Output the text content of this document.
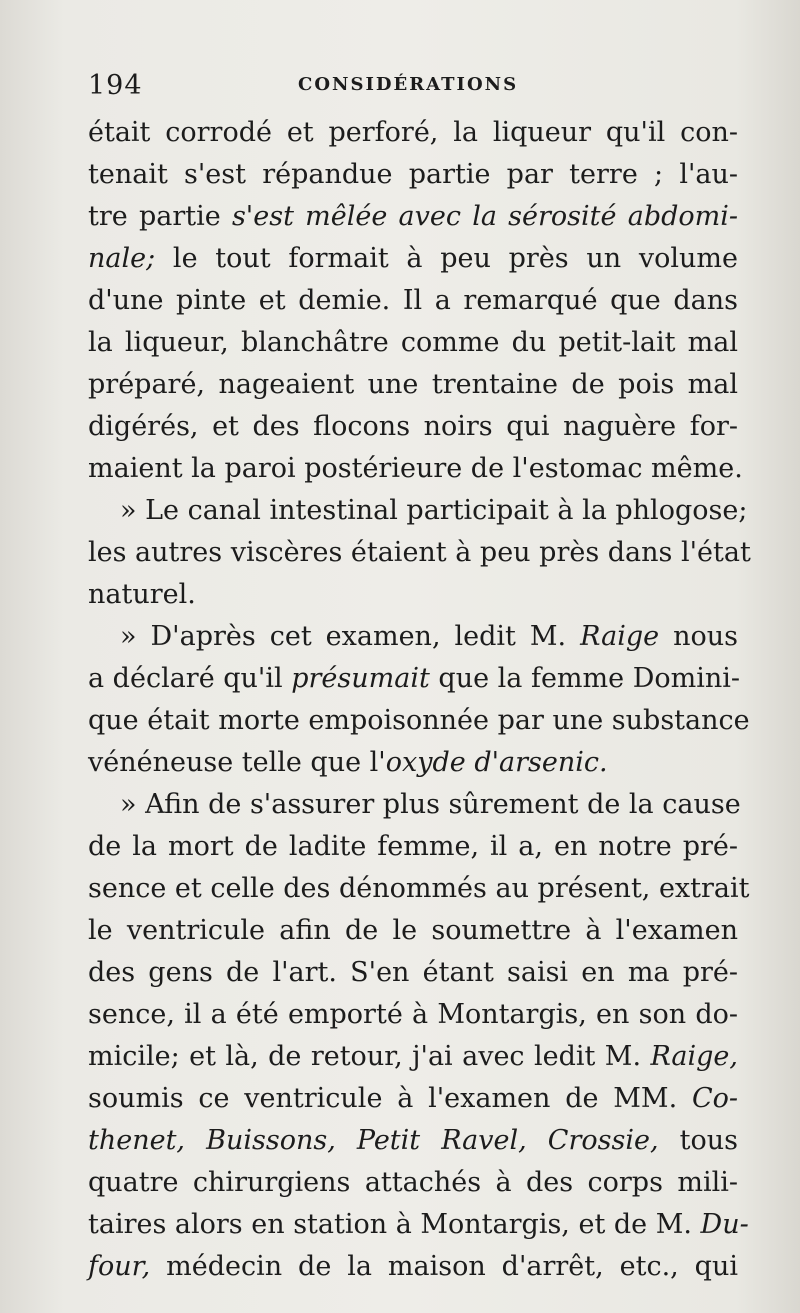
194	CONSIDÉRATIONS
était corrodé et perforé, la liqueur qu'il con-
tenait s'est répandue partie par terre ; l'au-
tre partie s'est mêlée avec la sérosité abdomi-
nale; le tout formait à peu près un volume
d'une pinte et demie. Il a remarqué que dans
la liqueur, blanchâtre comme du petit-lait mal
préparé, nageaient une trentaine de pois mal
digérés, et des flocons noirs qui naguère for-
maient la paroi postérieure de l'estomac même.
» Le canal intestinal participait à la phlogose;
les autres viscères étaient à peu près dans l'état
naturel.
» D'après cet examen, ledit M. Raige nous
a déclaré qu'il présumait que la femme Domini-
que était morte empoisonnée par une substance
vénéneuse telle que l'oxyde d'arsenic.
» Afin de s'assurer plus sûrement de la cause
de la mort de ladite femme, il a, en notre pré-
sence et celle des dénommés au présent, extrait
le ventricule afin de le soumettre à l'examen
des gens de l'art. S'en étant saisi en ma pré-
sence, il a été emporté à Montargis, en son do-
micile; et là, de retour, j'ai avec ledit M. Raige,
soumis ce ventricule à l'examen de MM. Co-
thenet, Buissons, Petit Ravel, Crossie, tous
quatre chirurgiens attachés à des corps mili-
taires alors en station à Montargis, et de M. Du-
four, médecin de la maison d'arrêt, etc., qui
